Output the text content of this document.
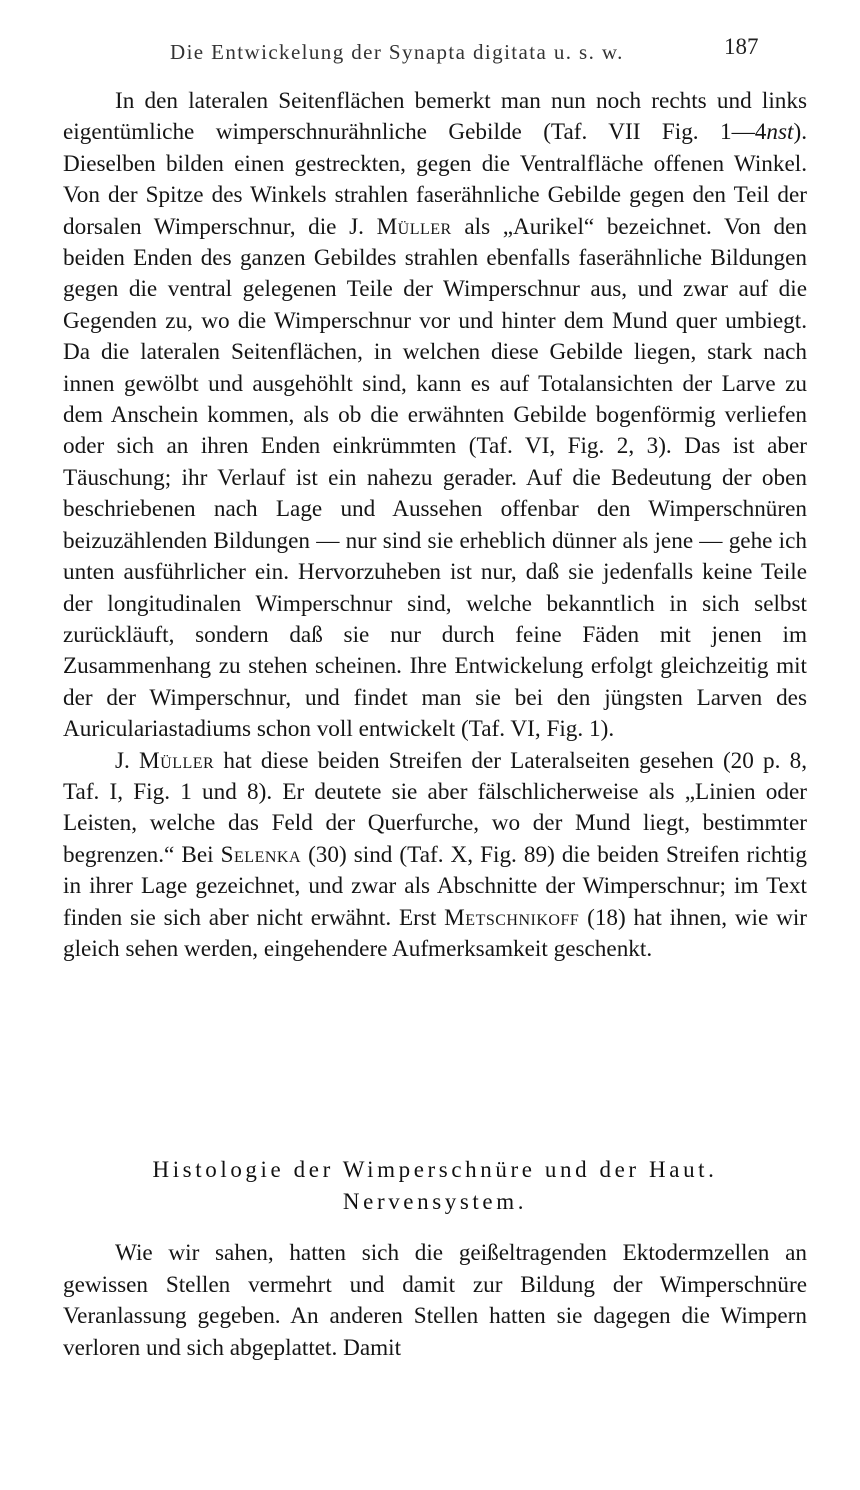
Die Entwickelung der Synapta digitata u. s. w.	187

In den lateralen Seitenflächen bemerkt man nun noch rechts und links eigentümliche wimperschnurähnliche Gebilde (Taf. VII Fig. 1—4nst). Dieselben bilden einen gestreckten, gegen die Ventralfläche offenen Winkel. Von der Spitze des Winkels strahlen faserähnliche Gebilde gegen den Teil der dorsalen Wimperschnur, die J. Müller als „Aurikel“ bezeichnet. Von den beiden Enden des ganzen Gebildes strahlen ebenfalls faserähnliche Bildungen gegen die ventral gelegenen Teile der Wimperschnur aus, und zwar auf die Gegenden zu, wo die Wimperschnur vor und hinter dem Mund quer umbiegt. Da die lateralen Seitenflächen, in welchen diese Gebilde liegen, stark nach innen gewölbt und ausgehöhlt sind, kann es auf Totalansichten der Larve zu dem Anschein kommen, als ob die erwähnten Gebilde bogenförmig verliefen oder sich an ihren Enden einkrümmten (Taf. VI, Fig. 2, 3). Das ist aber Täuschung; ihr Verlauf ist ein nahezu gerader. Auf die Bedeutung der oben beschriebenen nach Lage und Aussehen offenbar den Wimperschnüren beizuzählenden Bildungen — nur sind sie erheblich dünner als jene — gehe ich unten ausführlicher ein. Hervorzuheben ist nur, daß sie jedenfalls keine Teile der longitudinalen Wimperschnur sind, welche bekanntlich in sich selbst zurückläuft, sondern daß sie nur durch feine Fäden mit jenen im Zusammenhang zu stehen scheinen. Ihre Entwickelung erfolgt gleichzeitig mit der der Wimperschnur, und findet man sie bei den jüngsten Larven des Auriculariastadiums schon voll entwickelt (Taf. VI, Fig. 1).

J. Müller hat diese beiden Streifen der Lateralseiten gesehen (20 p. 8, Taf. I, Fig. 1 und 8). Er deutete sie aber fälschlicherweise als „Linien oder Leisten, welche das Feld der Querfurche, wo der Mund liegt, bestimmter begrenzen.“ Bei Selenka (30) sind (Taf. X, Fig. 89) die beiden Streifen richtig in ihrer Lage gezeichnet, und zwar als Abschnitte der Wimperschnur; im Text finden sie sich aber nicht erwähnt. Erst Metschnikoff (18) hat ihnen, wie wir gleich sehen werden, eingehendere Aufmerksamkeit geschenkt.

Histologie der Wimperschnüre und der Haut.
Nervensystem.

Wie wir sahen, hatten sich die geißeltragenden Ektodermzellen an gewissen Stellen vermehrt und damit zur Bildung der Wimperschnüre Veranlassung gegeben. An anderen Stellen hatten sie dagegen die Wimpern verloren und sich abgeplattet. Damit
